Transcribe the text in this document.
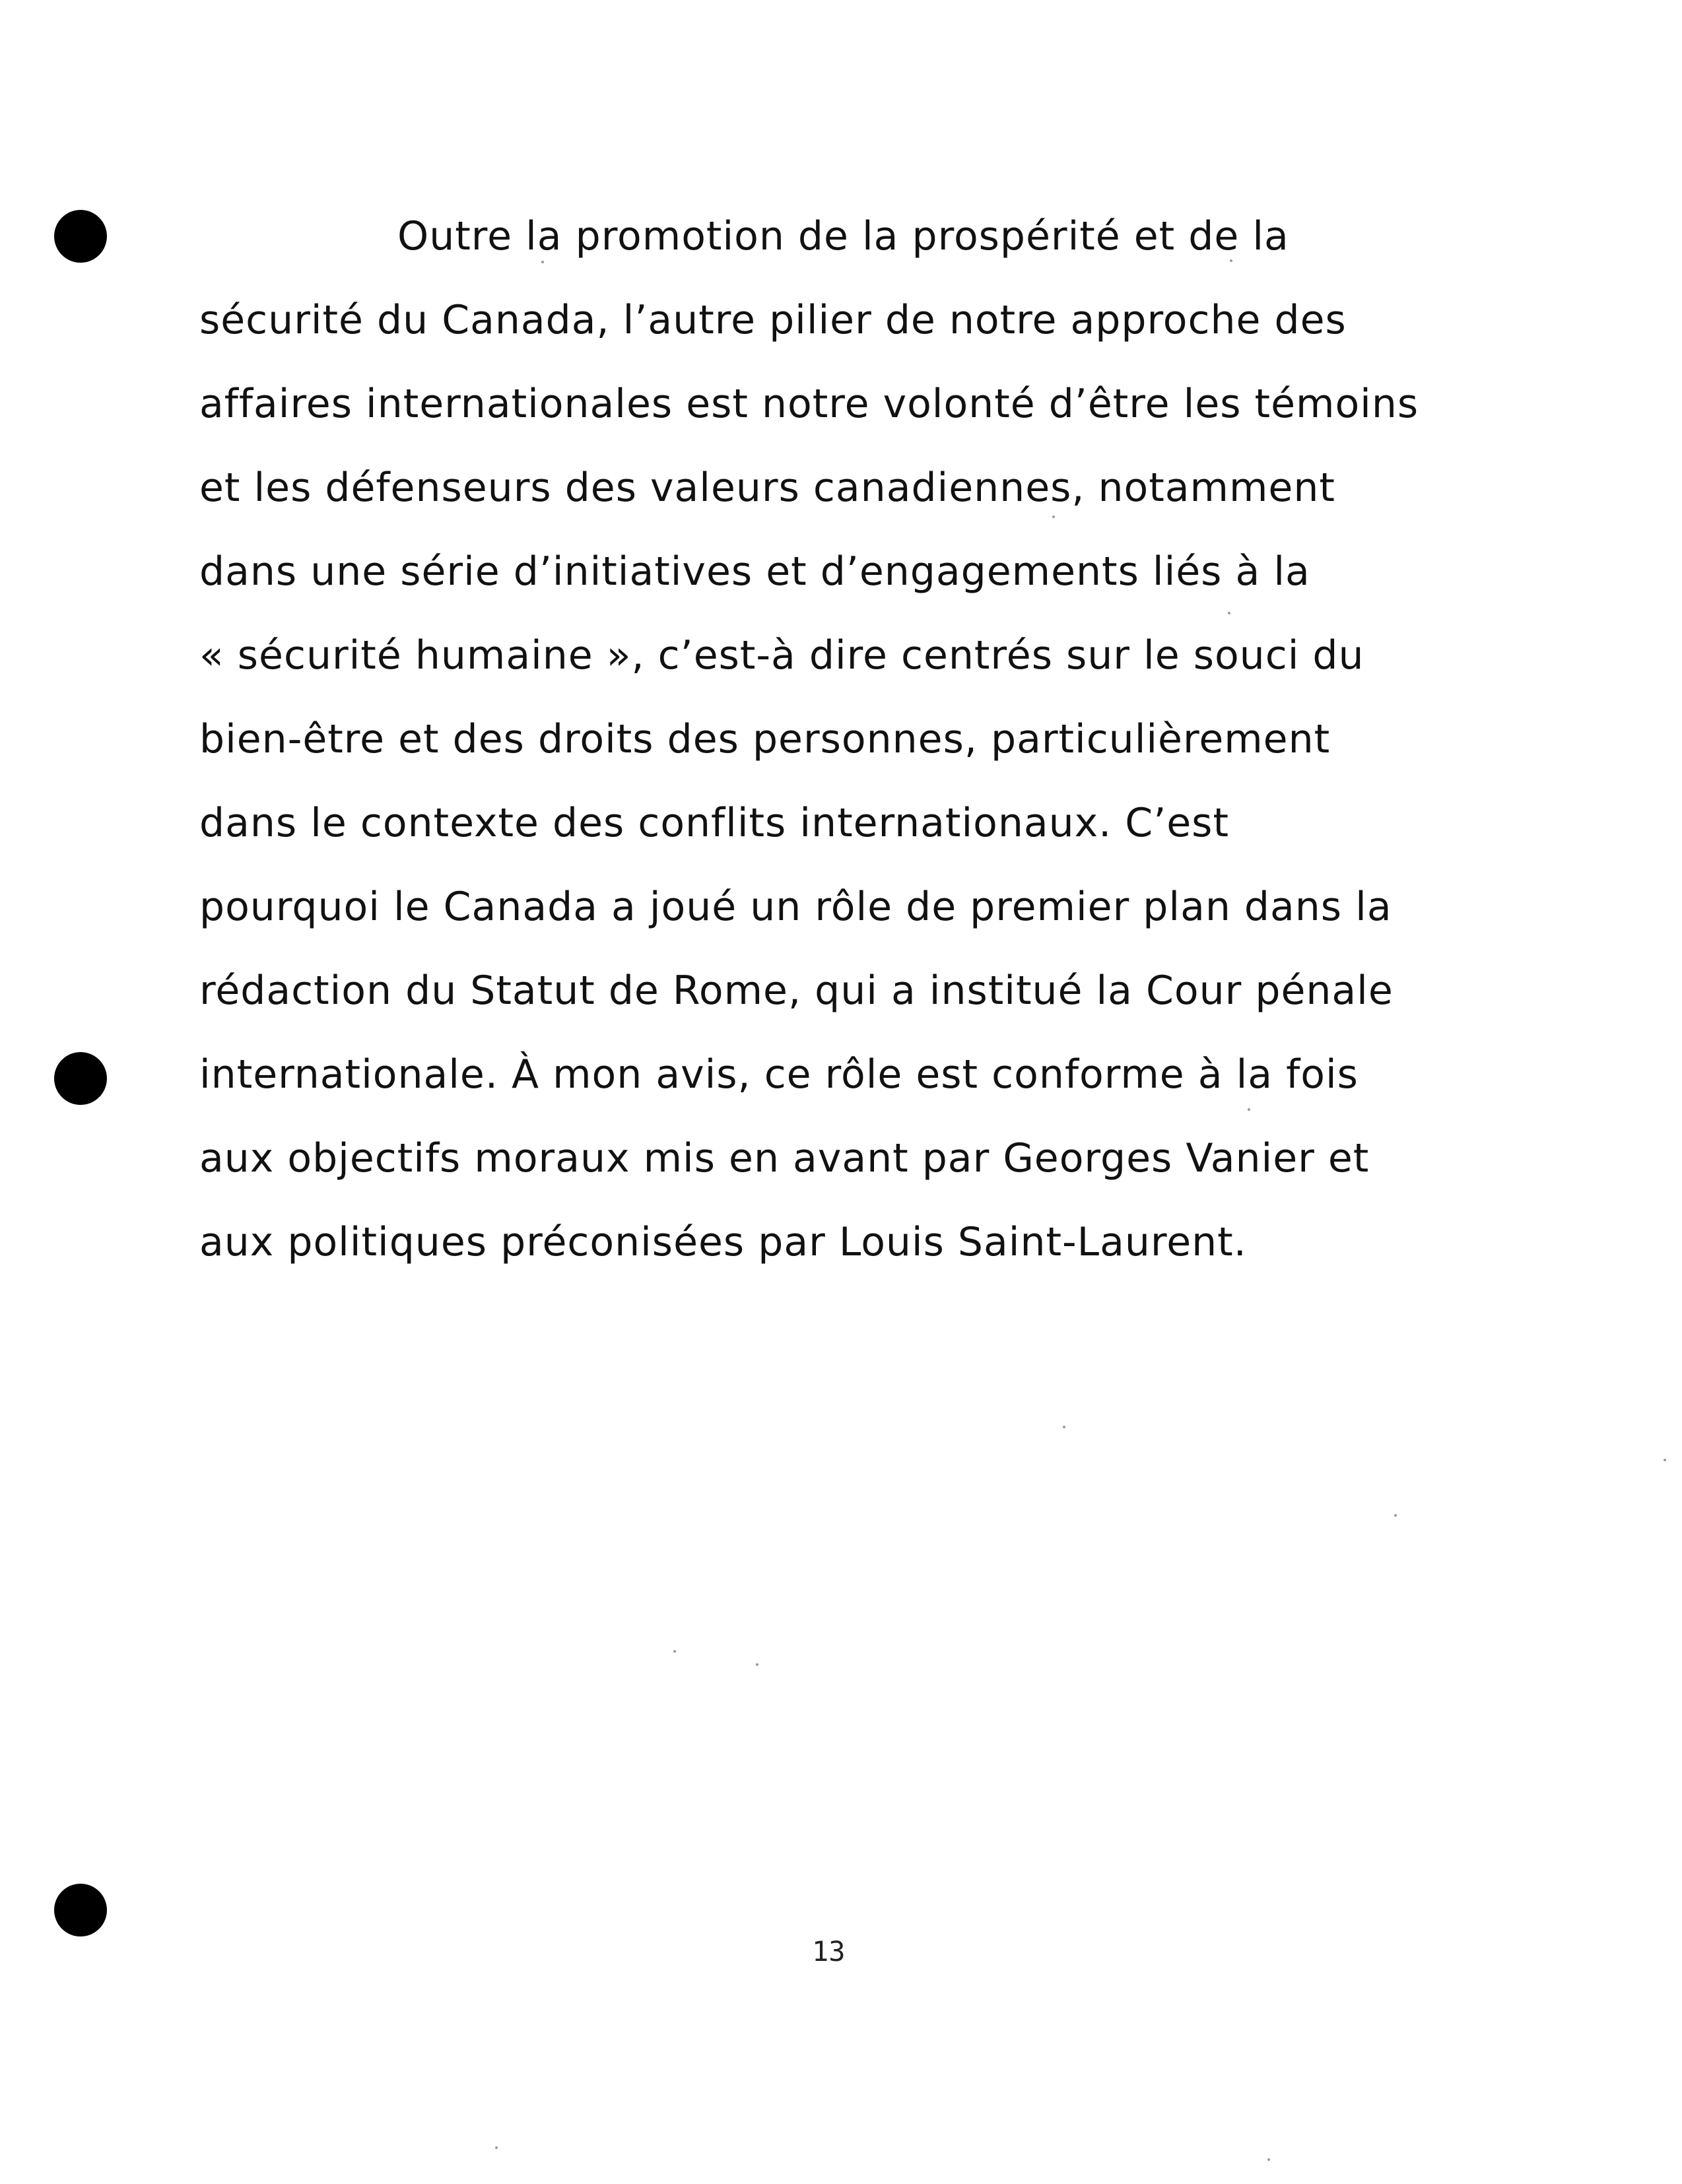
Outre la promotion de la prospérité et de la
sécurité du Canada, l’autre pilier de notre approche des
affaires internationales est notre volonté d’être les témoins
et les défenseurs des valeurs canadiennes, notamment
dans une série d’initiatives et d’engagements liés à la
« sécurité humaine », c’est-à dire centrés sur le souci du
bien-être et des droits des personnes, particulièrement
dans le contexte des conflits internationaux. C’est
pourquoi le Canada a joué un rôle de premier plan dans la
rédaction du Statut de Rome, qui a institué la Cour pénale
internationale. À mon avis, ce rôle est conforme à la fois
aux objectifs moraux mis en avant par Georges Vanier et
aux politiques préconisées par Louis Saint-Laurent.
13
